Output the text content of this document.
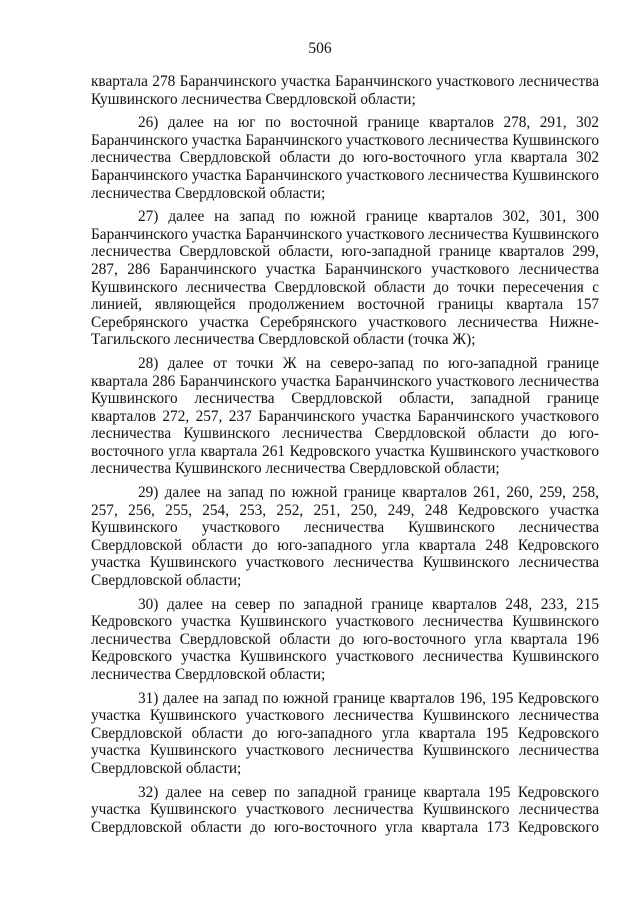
506

квартала 278 Баранчинского участка Баранчинского участкового лесничества Кушвинского лесничества Свердловской области;

26) далее на юг по восточной границе кварталов 278, 291, 302 Баранчинского участка Баранчинского участкового лесничества Кушвинского лесничества Свердловской области до юго-восточного угла квартала 302 Баранчинского участка Баранчинского участкового лесничества Кушвинского лесничества Свердловской области;

27) далее на запад по южной границе кварталов 302, 301, 300 Баранчинского участка Баранчинского участкового лесничества Кушвинского лесничества Свердловской области, юго-западной границе кварталов 299, 287, 286 Баранчинского участка Баранчинского участкового лесничества Кушвинского лесничества Свердловской области до точки пересечения с линией, являющейся продолжением восточной границы квартала 157 Серебрянского участка Серебрянского участкового лесничества Нижне-Тагильского лесничества Свердловской области (точка Ж);

28) далее от точки Ж на северо-запад по юго-западной границе квартала 286 Баранчинского участка Баранчинского участкового лесничества Кушвинского лесничества Свердловской области, западной границе кварталов 272, 257, 237 Баранчинского участка Баранчинского участкового лесничества Кушвинского лесничества Свердловской области до юго-восточного угла квартала 261 Кедровского участка Кушвинского участкового лесничества Кушвинского лесничества Свердловской области;

29) далее на запад по южной границе кварталов 261, 260, 259, 258, 257, 256, 255, 254, 253, 252, 251, 250, 249, 248 Кедровского участка Кушвинского участкового лесничества Кушвинского лесничества Свердловской области до юго-западного угла квартала 248 Кедровского участка Кушвинского участкового лесничества Кушвинского лесничества Свердловской области;

30) далее на север по западной границе кварталов 248, 233, 215 Кедровского участка Кушвинского участкового лесничества Кушвинского лесничества Свердловской области до юго-восточного угла квартала 196 Кедровского участка Кушвинского участкового лесничества Кушвинского лесничества Свердловской области;

31) далее на запад по южной границе кварталов 196, 195 Кедровского участка Кушвинского участкового лесничества Кушвинского лесничества Свердловской области до юго-западного угла квартала 195 Кедровского участка Кушвинского участкового лесничества Кушвинского лесничества Свердловской области;

32) далее на север по западной границе квартала 195 Кедровского участка Кушвинского участкового лесничества Кушвинского лесничества Свердловской области до юго-восточного угла квартала 173 Кедровского
